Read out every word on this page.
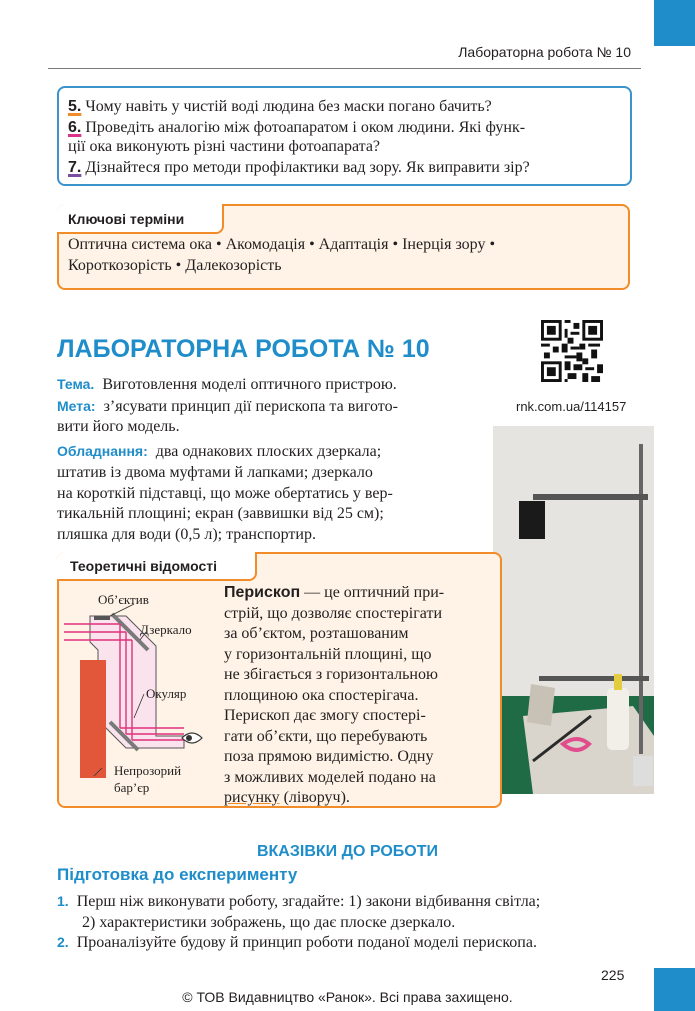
Лабораторна робота № 10
5. Чому навіть у чистій воді людина без маски погано бачить?
6. Проведіть аналогію між фотоапаратом і оком людини. Які функ-
ції ока виконують різні частини фотоапарата?
7. Дізнайтеся про методи профілактики вад зору. Як виправити зір?
Ключові терміни
Оптична система ока • Акомодація • Адаптація • Інерція зору •
Короткозорість • Далекозорість
ЛАБОРАТОРНА РОБОТА № 10
rnk.com.ua/114157
Тема. Виготовлення моделі оптичного пристрою.
Мета: з’ясувати принцип дії перископа та вигото-
вити його модель.
Обладнання: два однакових плоских дзеркала;
штатив із двома муфтами й лапками; дзеркало
на короткій підставці, що може обертатись у вер-
тикальній площині; екран (заввишки від 25 см);
пляшка для води (0,5 л); транспортир.
Теоретичні відомості
Об’єктив
Дзеркало
Окуляр
Непрозорий
бар’єр
Перископ — це оптичний при-
стрій, що дозволяє спостерігати
за об’єктом, розташованим
у горизонтальній площині, що
не збігається з горизонтальною
площиною ока спостерігача.
Перископ дає змогу спостері-
гати об’єкти, що перебувають
поза прямою видимістю. Одну
з можливих моделей подано на
рисунку (ліворуч).
ВКАЗІВКИ ДО РОБОТИ
Підготовка до експерименту
1. Перш ніж виконувати роботу, згадайте: 1) закони відбивання світла;
2) характеристики зображень, що дає плоске дзеркало.
2. Проаналізуйте будову й принцип роботи поданої моделі перископа.
225
© ТОВ Видавництво «Ранок». Всі права захищено.
